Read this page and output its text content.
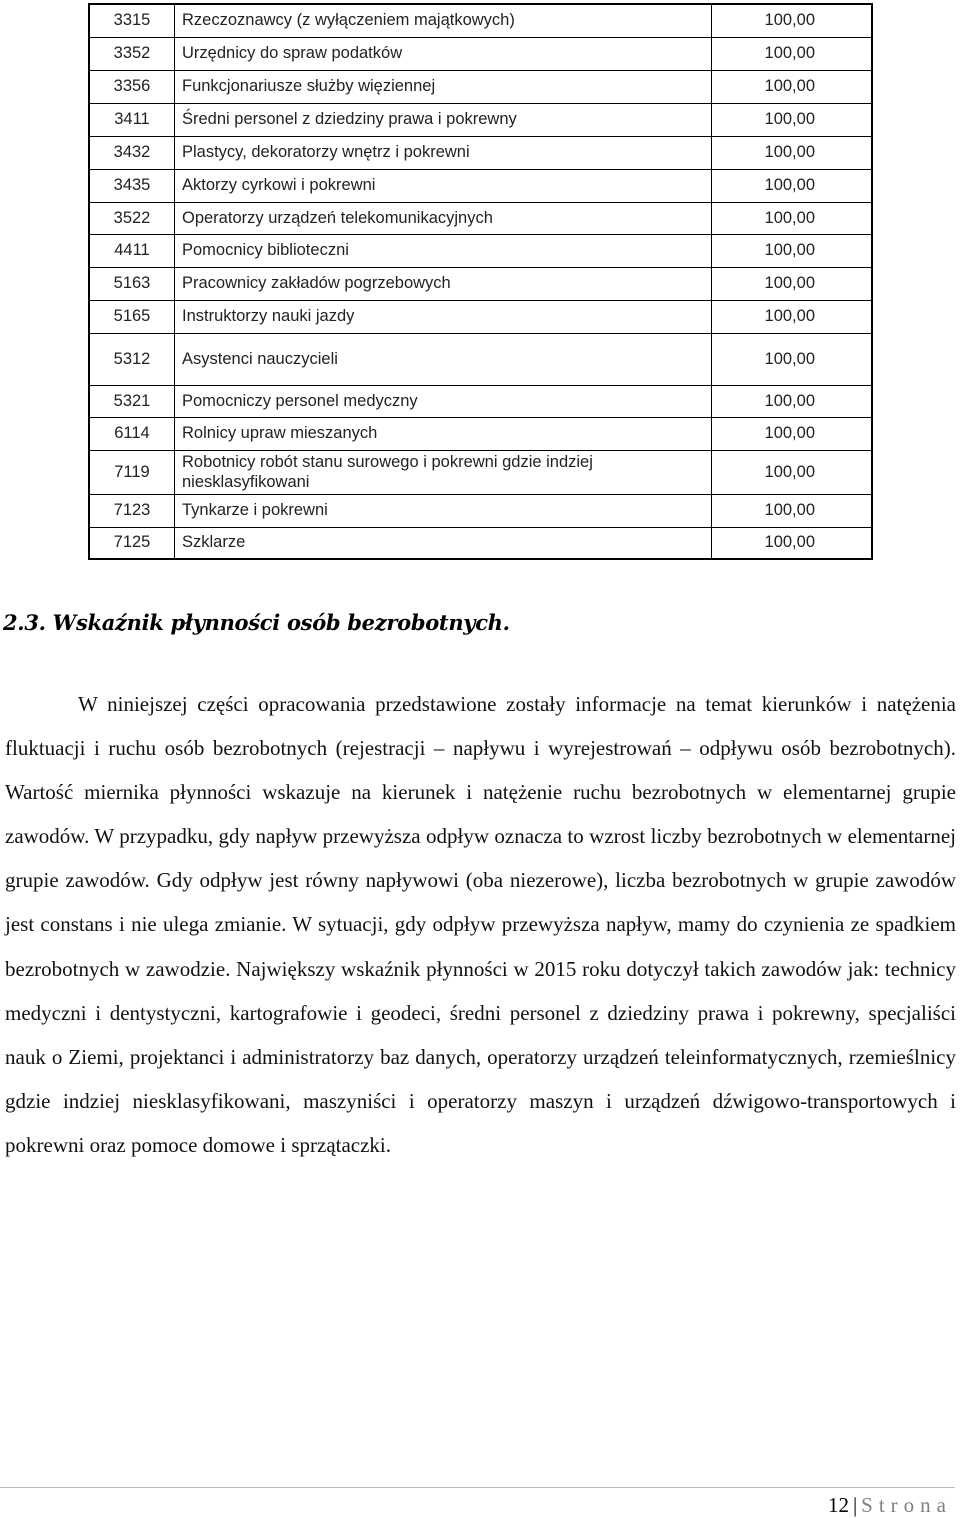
3315	Rzeczoznawcy (z wyłączeniem majątkowych)	100,00
3352	Urzędnicy do spraw podatków	100,00
3356	Funkcjonariusze służby więziennej	100,00
3411	Średni personel z dziedziny prawa i pokrewny	100,00
3432	Plastycy, dekoratorzy wnętrz i pokrewni	100,00
3435	Aktorzy cyrkowi i pokrewni	100,00
3522	Operatorzy urządzeń telekomunikacyjnych	100,00
4411	Pomocnicy biblioteczni	100,00
5163	Pracownicy zakładów pogrzebowych	100,00
5165	Instruktorzy nauki jazdy	100,00
5312	Asystenci nauczycieli	100,00
5321	Pomocniczy personel medyczny	100,00
6114	Rolnicy upraw mieszanych	100,00
7119	Robotnicy robót stanu surowego i pokrewni gdzie indziej niesklasyfikowani	100,00
7123	Tynkarze i pokrewni	100,00
7125	Szklarze	100,00
2.3. Wskaźnik płynności osób bezrobotnych.

W niniejszej części opracowania przedstawione zostały informacje na temat kierunków i natężenia fluktuacji i ruchu osób bezrobotnych (rejestracji – napływu i wyrejestrowań – odpływu osób bezrobotnych). Wartość miernika płynności wskazuje na kierunek i natężenie ruchu bezrobotnych w elementarnej grupie zawodów. W przypadku, gdy napływ przewyższa odpływ oznacza to wzrost liczby bezrobotnych w elementarnej grupie zawodów. Gdy odpływ jest równy napływowi (oba niezerowe), liczba bezrobotnych w grupie zawodów jest constans i nie ulega zmianie. W sytuacji, gdy odpływ przewyższa napływ, mamy do czynienia ze spadkiem bezrobotnych w zawodzie. Największy wskaźnik płynności w 2015 roku dotyczył takich zawodów jak: technicy medyczni i dentystyczni, kartografowie i geodeci, średni personel z dziedziny prawa i pokrewny, specjaliści nauk o Ziemi, projektanci i administratorzy baz danych, operatorzy urządzeń teleinformatycznych, rzemieślnicy gdzie indziej niesklasyfikowani, maszyniści i operatorzy maszyn i urządzeń dźwigowo-transportowych i pokrewni oraz pomoce domowe i sprzątaczki.

12 | Strona
